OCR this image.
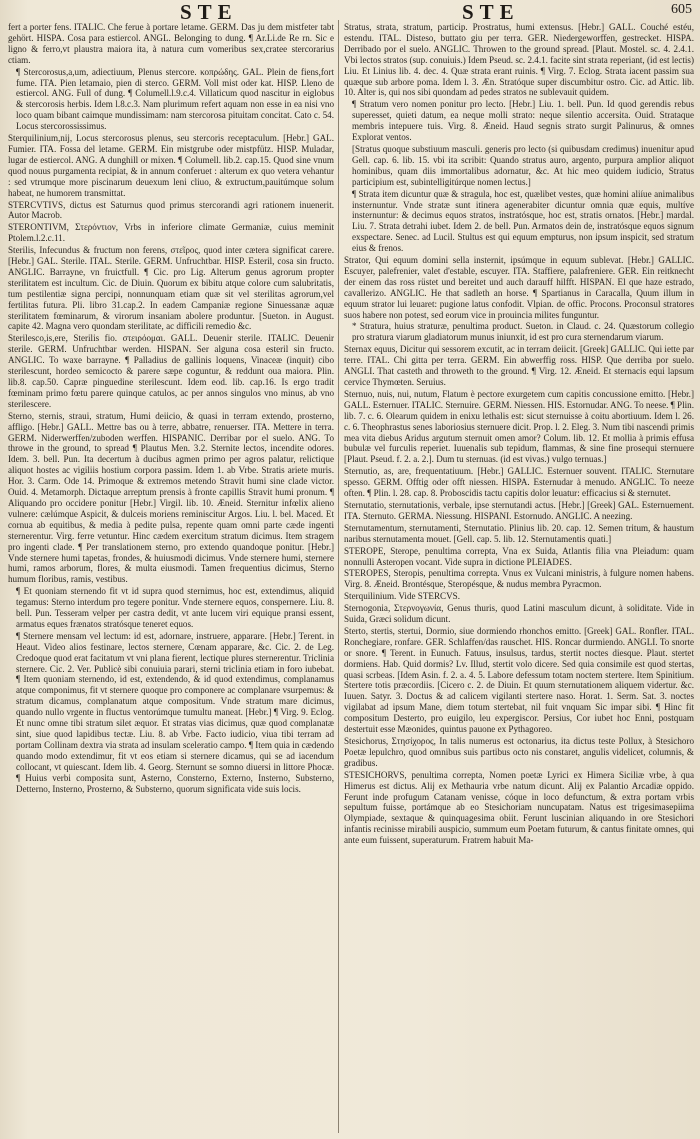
STE	STE	605

fert a porter fens. ITALIC. Che ferue à portare letame. GERM. Das ju dem mistfeter tabt gehört. HISPA. Cosa para estiercol. ANGL. Belonging to dung. ¶ Ar.Li.de Re rn. Sic e ligno & ferro,vt plaustra maiora ita, à natura cum vomeribus sex,cratee stercorarius ctiam.

¶ Stercorosus,a,um, adiectiuum, Plenus stercore. κοπρώδης. GAL. Plein de fiens,fort fume. ITA. Pien letamaio, pien di sterco. GERM. Voll mist oder kat. HISP. Lleno de estiercol. ANG. Full of dung. ¶ Columell.l.9.c.4. Villaticum quod nascitur in eiglobus & stercorosis herbis. Idem l.8.c.3. Nam plurimum refert aquam non esse in ea nisi vno loco quam bibant caimque mundissimam: nam stercorosa pituitam concitat. Cato c. 54. Locus stercorossissimus.

Sterquilinium,nij, Locus stercorosus plenus, seu stercoris receptaculum. [Hebr.] GAL. Fumier. ITA. Fossa del letame. GERM. Ein mistgrube oder mistpfütz. HISP. Muladar, lugar de estiercol. ANG. A dunghill or mixen. ¶ Columell. lib.2. cap.15. Quod sine vnum quod nouus purgamenta recipiat, & in annum conferuet : alterum ex quo vetera vehantur : sed vtrumque more piscinarum deuexum leni cliuo, & extructum,pauitúmque solum habeat, ne humorem transmittat.

STERCVTIVS, dictus est Saturnus quod primus stercorandi agri rationem inuenerit. Autor Macrob.

STERONTIVM, Στερόντιον, Vrbs in inferiore climate Germaniæ, cuius meminit Ptolem.l.2.c.11.

Sterilis, Infecundus & fructum non ferens, στεῖρος, quod inter cætera significat carere. [Hebr.] GAL. Sterile. ITAL. Sterile. GERM. Unfruchtbar. HISP. Esteril, cosa sin fructo. ANGLIC. Barrayne, vn fruictfull. ¶ Cic. pro Lig. Alterum genus agrorum propter sterilitatem est incultum. Cic. de Diuin. Quorum ex bibitu atque colore cum salubritatis, tum pestilentiæ signa percipi, nonnunquam etiam quæ sit vel sterilitas agrorum,vel fertilitas futura. Pli. libro 31.cap.2. In eadem Campaniæ regione Sinuessanæ aquæ sterilitatem fœminarum, & virorum insaniam abolere produntur. [Sueton. in August. capite 42. Magna vero quondam sterilitate, ac difficili remedio &c.

Sterilesco,is,ere, Sterilis fio. στειρόομαι. GALL. Deuenir sterile. ITALIC. Deuenir sterile. GERM. Unfruchtbar werden. HISPAN. Ser alguna cosa esteril sin fructo. ANGLIC. To waxe barrayne. ¶ Palladius de gallinis loquens, Vinaceæ (inquit) cibo sterilescunt, hordeo semicocto & parere sæpe coguntur, & reddunt oua maiora. Plin. lib.8. cap.50. Capræ pinguedine sterilescunt. Idem eod. lib. cap.16. Is ergo tradit fœminam primo fœtu parere quinque catulos, ac per annos singulos vno minus, ab vno sterilescere.

Sterno, sternis, straui, stratum, Humi deiicio, & quasi in terram extendo, prosterno, affligo. [Hebr.] GALL. Mettre bas ou à terre, abbatre, renuerser. ITA. Mettere in terra. GERM. Niderwerffen/zuboden werffen. HISPANIC. Derribar por el suelo. ANG. To throwe in the ground, to spread ¶ Plautus Men. 3.2. Sternite lectos, incendite odores. Idem. 3. bell. Pun. Ita decertum à ducibus agmen primo per agros palatur, relictique aliquot hostes ac vigiliis hostium corpora passim. Idem 1. ab Vrbe. Stratis ariete muris. Hor. 3. Carm. Ode 14. Primoque & extremos metendo Stravit humi sine clade victor. Ouid. 4. Metamorph. Dictaque arreptum prensis à fronte capillis Stravit humi pronum. ¶ Aliquando pro occidere ponitur [Hebr.] Virgil. lib. 10. Æneid. Sternitur infœlix alieno vulnere: cælúmque Aspicit, & dulceis moriens reminiscitur Argos. Liu. l. bel. Maced. Et cornua ab equitibus, & media à pedite pulsa, repente quam omni parte cæde ingenti sternerentur. Virg. ferre vetuntur. Hinc cædem exercitum stratum dicimus. Item stragem pro ingenti clade. ¶ Per translationem sterno, pro extendo quandoque ponitur. [Hebr.] Vnde sternere humi tapetas, frondes, & huiusmodi dicimus. Vnde sternere humi, sternere humi, ramos arborum, flores, & multa eiusmodi. Tamen frequentius dicimus, Sterno humum floribus, ramis, vestibus.

¶ Et quoniam sternendo fit vt id supra quod sternimus, hoc est, extendimus, aliquid tegamus: Sterno interdum pro tegere ponitur. Vnde sternere equos, conspernere. Liu. 8. bell. Pun. Tesseram velper per castra dedit, vt ante lucem viri equique pransi essent, armatus eques frænatos stratósque teneret equos.

¶ Sternere mensam vel lectum: id est, adornare, instruere, apparare. [Hebr.] Terent. in Heaut. Video alios festinare, lectos sternere, Cœnam apparare, &c. Cic. 2. de Leg. Credoque quod erat facitatum vt vni plana fierent, lectique plures sternerentur. Triclinia sternere. Cic. 2. Ver. Publicè sibi conuiuia parari, sterni triclinia etiam in foro iubebat. ¶ Item quoniam sternendo, id est, extendendo, & id quod extendimus, complanamus atque componimus, fit vt sternere quoque pro componere ac complanare vsurpemus: & stratum dicamus, complanatum atque compositum. Vnde stratum mare dicimus, quando nullo vrgente in fluctus ventorúmque tumultu maneat. [Hebr.] ¶ Virg. 9. Eclog. Et nunc omne tibi stratum silet æquor. Et stratas vias dicimus, quæ quod complanatæ sint, siue quod lapidibus tectæ. Liu. 8. ab Vrbe. Facto iudicio, viua tibi terram ad portam Collinam dextra via strata ad insulam sceleratio campo. ¶ Item quia in cædendo quando modo extendimur, fit vt eos etiam si sternere dicamus, qui se ad iacendum collocant, vt quiescant. Idem lib. 4. Georg. Sternunt se somno diuersi in littore Phocæ. ¶ Huius verbi composita sunt, Asterno, Consterno, Externo, Insterno, Substerno, Detterno, Insterno, Prosterno, & Substerno, quorum significata vide suis locis.

Stratus, strata, stratum, particip. Prostratus, humi extensus. [Hebr.] GALL. Couché estéu, estendu. ITAL. Disteso, buttato giu per terra. GER. Niedergeworffen, gestrecket. HISPA. Derribado por el suelo. ANGLIC. Throwen to the ground spread. [Plaut. Mostel. sc. 4. 2.4.1. Vbi lectos stratos (sup. conuiuis.) Idem Pseud. sc. 2.4.1. facite sint strata reperiant, (id est lectis) Liu. Et Linius lib. 4. dec. 4. Quæ strata erant ruinis. ¶ Virg. 7. Eclog. Strata iacent passim sua quæque sub arbore poma. Idem l. 3. Æn. Stratóque super discumbitur ostro. Cic. ad Attic. lib. 10. Alter is, qui nos sibi quondam ad pedes stratos ne sublevauit quidem.

¶ Stratum vero nomen ponitur pro lecto. [Hebr.] Liu. 1. bell. Pun. Id quod gerendis rebus superesset, quieti datum, ea neque molli strato: neque silentio accersita. Ouid. Strataque membris intepuere tuis. Virg. 8. Æneid. Haud segnis strato surgit Palinurus, & omnes Explorat ventos.

[Stratus quoque substiuum masculi. generis pro lecto (si quibusdam credimus) inuenitur apud Gell. cap. 6. lib. 15. vbi ita scribit: Quando stratus auro, argento, purpura amplior aliquot hominibus, quam diis immortalibus adornatur, &c. At hic meo quidem iudicio, Stratus participium est, subintelligitúrque nomen lectus.]

¶ Strata item dicuntur quæ & stragula, hoc est, quælibet vestes, quæ homini aliíue animalibus insternuntur. Vnde stratæ sunt itinera agenerabiter dicuntur omnia quæ equis, multíve insternuntur: & decimus equos stratos, instratósque, hoc est, stratis ornatos. [Hebr.] mardal. Liu. 7. Strata detrahi iubet. Idem 2. de bell. Pun. Armatos dein de, instratósque equos signum exspectare. Senec. ad Lucil. Stultus est qui equum empturus, non ipsum inspicit, sed stratum eius & frenos.

Strator, Qui equum domini sella insternit, ipsúmque in equum sublevat. [Hebr.] GALLIC. Escuyer, palefrenier, valet d'estable, escuyer. ITA. Staffiere, palafreniere. GER. Ein reitknecht der einem das ross rüstet und bereitet und auch darauff hilfft. HISPAN. El que haze estrado, cavallerizo. ANGLIC. He that sadleth an horse. ¶ Spartianus in Caracalla, Quum illum in equum strator lui leuaret: pugione latus confodit. Vlpian. de offic. Procons. Proconsul stratores suos habere non potest, sed eorum vice in prouincia milites funguntur.

* Stratura, huius straturæ, penultima product. Sueton. in Claud. c. 24. Quæstorum collegio pro stratura viarum gladiatorum munus iniunxit, id est pro cura sternendarum viarum.

Sternax equus, Dicitur qui sessorem excutit, ac in terram deiicit. [Greek] GALLIC. Qui iette par terre. ITAL. Chi gitta per terra. GERM. Ein abwerffig ross. HISP. Que derriba por suelo. ANGLI. That casteth and throweth to the ground. ¶ Virg. 12. Æneid. Et sternacis equi lapsum cervice Thymœten. Seruius.

Sternuo, nuis, nui, nutum, Flatum è pectore exurgetem cum capitis concussione emitto. [Hebr.] GALL. Esternuer. ITALIC. Sternuire. GERM. Niessen. HIS. Estornudar. ANG. To neese. ¶ Plin. lib. 7. c. 6. Olearum quidem in enixu lethalis est: sicut sternuisse à coitu abortiuum. Idem l. 26. c. 6. Theophrastus senes laboriosius sternuere dicit. Prop. l. 2. Eleg. 3. Num tibi nascendi primis mea vita diebus Aridus argutum sternuit omen amor? Colum. lib. 12. Et mollia à primis effusa bubulæ vel furculis reperiet. Iuuenalis sub tepidum, flammas, & sine fine prosequi sternuere [Plaut. Pseud. f. 2. a. 2.]. Dum tu sternuas. (id est vivas.) vulgo ternuas.]

Sternutio, as, are, frequentatiuum. [Hebr.] GALLIC. Esternuer souvent. ITALIC. Sternutare spesso. GERM. Offtig oder offt niessen. HISPA. Esternudar à menudo. ANGLIC. To neeze often. ¶ Plin. l. 28. cap. 8. Proboscidis tactu capitis dolor leuatur: efficacius si & sternutet.

Sternutatio, sternutationis, verbale, ipse sternutandi actus. [Hebr.] [Greek] GAL. Esternuement. ITA. Sternuto. GERMA. Niessung. HISPANI. Estornudo. ANGLIC. A neezing.

Sternutamentum, sternutamenti, Sternutatio. Plinius lib. 20. cap. 12. Semen tritum, & haustum naribus sternutamenta mouet. [Gell. cap. 5. lib. 12. Sternutamentis quati.]

STEROPE, Sterope, penultima correpta, Vna ex Suida, Atlantis filia vna Pleiadum: quam nonnulli Asteropen vocant. Vide supra in dictione PLEIADES.

STEROPES, Steropis, penultima correpta. Vnus ex Vulcani ministris, à fulgure nomen habens. Virg. 8. Æneid. Brontésque, Steropésque, & nudus membra Pyracmon.

Sterquilinium. Vide STERCVS.

Sternogonia, Στερνογωνία, Genus thuris, quod Latini masculum dicunt, à soliditate. Vide in Suida, Græci solidum dicunt.

Sterto, stertis, stertui, Dormio, siue dormiendo rhonchos emitto. [Greek] GAL. Ronfler. ITAL. Ronchegiare, ronfare. GER. Schlaffen/das rauschet. HIS. Roncar durmiendo. ANGLI. To snorte or snore. ¶ Terent. in Eunuch. Fatuus, insulsus, tardus, stertit noctes diesque. Plaut. stertet dormiens. Hab. Quid dormis? Lv. Illud, stertit volo dicere. Sed quia consimile est quod stertas, quasi scrbeas. [Idem Asin. f. 2. a. 4. 5. Labore defessum totam noctem stertere. Item Spinitium. Stertere totis præcordiis. [Cicero c. 2. de Diuin. Et quum sternutationem aliquem vidertur. &c. Iuuen. Satyr. 3. Doctus & ad calicem vigilanti stertere naso. Horat. 1. Serm. Sat. 3. noctes vigilabat ad ipsum Mane, diem totum stertebat, nil fuit vnquam Sic impar sibi. ¶ Hinc fit compositum Desterto, pro euigilo, leu expergiscor. Persius, Cor iubet hoc Enni, postquam destertuit esse Mæonides, quintus pauone ex Pythagoreo.

Stesichorus, Στησίχορος, In talis numerus est octonarius, ita dictus teste Pollux, à Stesichoro Poetæ lepulchro, quod omnibus suis partibus octo nis constaret, angulis videlicet, columnis, & gradibus.

STESICHORVS, penultima correpta, Nomen poetæ Lyrici ex Himera Siciliæ vrbe, à qua Himerus est dictus. Alij ex Methauria vrbe natum dicunt. Alij ex Palantio Arcadiæ oppido. Ferunt inde profugum Catanam venisse, cóque in loco defunctum, & extra portam vrbis sepultum fuisse, portámque ab eo Stesichoriam nuncupatam. Natus est trigesimasepiima Olympiade, sextaque & quinquagesima obiit. Ferunt luscinian aliquando in ore Stesichori infantis recinisse mirabili auspicio, summum eum Poetam futurum, & cantus finitate omnes, qui ante eum fuissent, superaturum. Fratrem habuit Ma-
